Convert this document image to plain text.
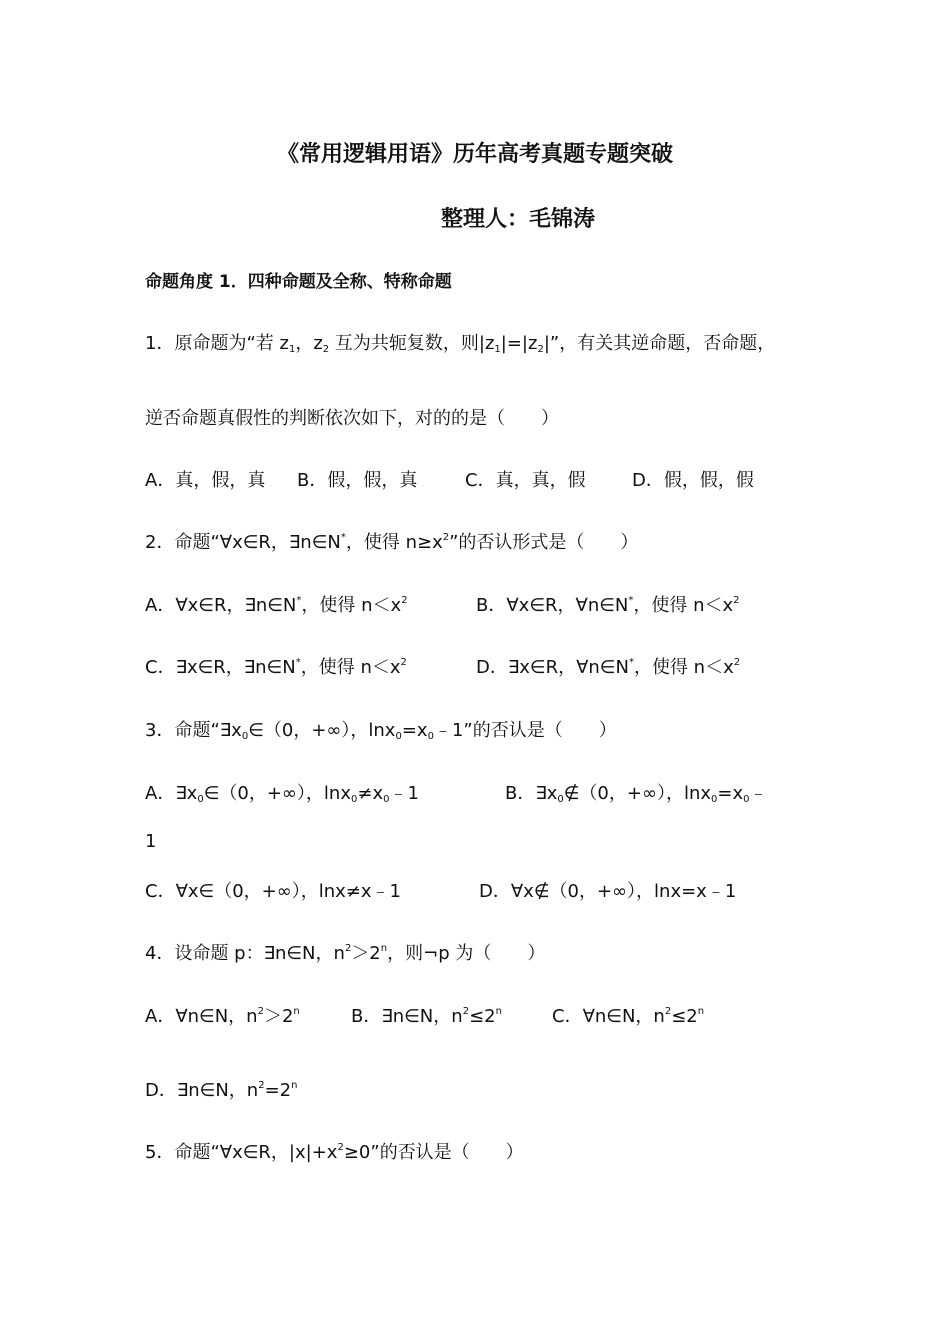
《常用逻辑用语》历年高考真题专题突破
整理人：毛锦涛
命题角度 1．四种命题及全称、特称命题
1．原命题为“若 $z_1$，$z_2$ 互为共轭复数，则$|z_1|=|z_2|$”，有关其逆命题，否命题，
逆否命题真假性的判断依次如下，对的的是（　　）
A．真，假，真 B．假，假，真	C．真，真，假	D．假，假，假
2．命题“∀x∈R，∃n∈N*，使得 $n\ge x^2$”的否认形式是（　　）
A．∀x∈R，∃n∈N*，使得 $n<x^2$	B．∀x∈R，∀n∈N*，使得 $n<x^2$
C．∃x∈R，∃n∈N*，使得 $n<x^2$	D．∃x∈R，∀n∈N*，使得 $n<x^2$
3．命题“$\exists x_0\in(0$，+∞），$\ln x_0=x_0﹣1$”的否认是（　　）
A．$\exists x_0\in(0$，+∞），$\ln x_0\ne x_0﹣1$	B．$\exists x_0\notin(0$，+∞），$\ln x_0=x_0﹣$
1
C．∀x∈（0，+∞），lnx≠x﹣1	D．∀x∉（0，+∞），lnx=x﹣1
4．设命题 p：∃n∈N，$n^2>2^n$，则¬p 为（　　）
A．∀n∈N，$n^2>2^n$	B．∃n∈N，$n^2\le 2^n$	C．∀n∈N，$n^2\le 2^n$
D．∃n∈N，$n^2=2^n$
5．命题“∀x∈R，$|x|+x^2\ge 0$”的否认是（　　）
